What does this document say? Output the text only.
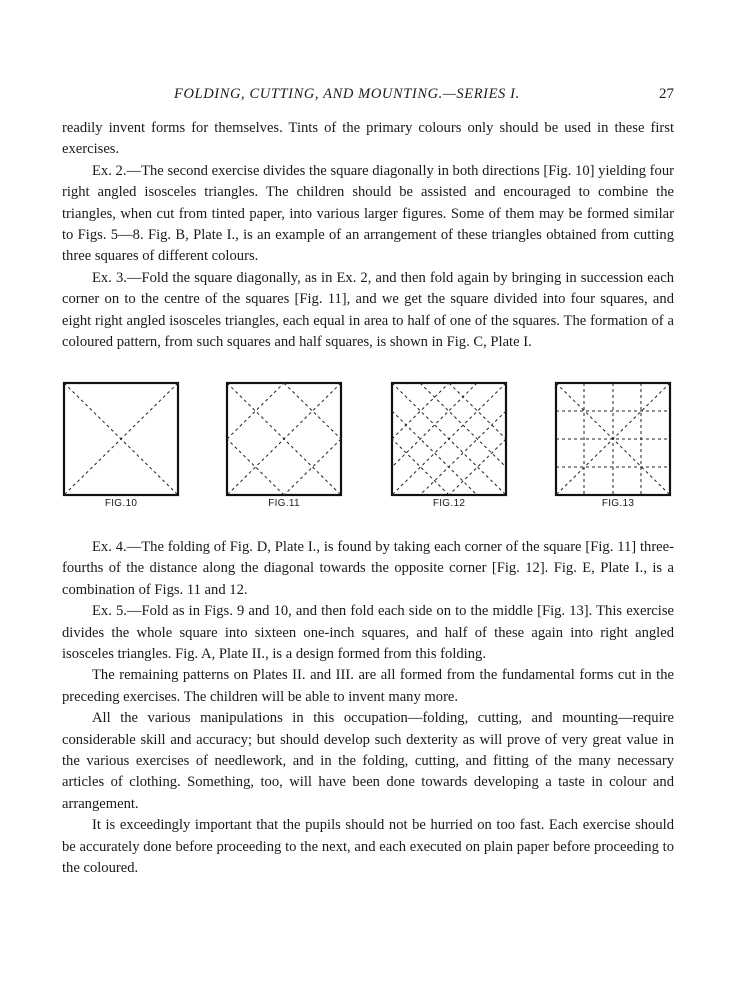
FOLDING, CUTTING, AND MOUNTING.—SERIES I.	27

readily invent forms for themselves. Tints of the primary colours only should be used in these first exercises.

Ex. 2.—The second exercise divides the square diagonally in both directions [Fig. 10] yielding four right angled isosceles triangles. The children should be assisted and encouraged to combine the triangles, when cut from tinted paper, into various larger figures. Some of them may be formed similar to Figs. 5—8. Fig. B, Plate I., is an example of an arrangement of these triangles obtained from cutting three squares of different colours.

Ex. 3.—Fold the square diagonally, as in Ex. 2, and then fold again by bringing in succession each corner on to the centre of the squares [Fig. 11], and we get the square divided into four squares, and eight right angled isosceles triangles, each equal in area to half of one of the squares. The formation of a coloured pattern, from such squares and half squares, is shown in Fig. C, Plate I.

FIG.10	FIG.11	FIG.12	FIG.13

Ex. 4.—The folding of Fig. D, Plate I., is found by taking each corner of the square [Fig. 11] three-fourths of the distance along the diagonal towards the opposite corner [Fig. 12]. Fig. E, Plate I., is a combination of Figs. 11 and 12.

Ex. 5.—Fold as in Figs. 9 and 10, and then fold each side on to the middle [Fig. 13]. This exercise divides the whole square into sixteen one-inch squares, and half of these again into right angled isosceles triangles. Fig. A, Plate II., is a design formed from this folding.

The remaining patterns on Plates II. and III. are all formed from the fundamental forms cut in the preceding exercises. The children will be able to invent many more.

All the various manipulations in this occupation—folding, cutting, and mounting—require considerable skill and accuracy; but should develop such dexterity as will prove of very great value in the various exercises of needlework, and in the folding, cutting, and fitting of the many necessary articles of clothing. Something, too, will have been done towards developing a taste in colour and arrangement.

It is exceedingly important that the pupils should not be hurried on too fast. Each exercise should be accurately done before proceeding to the next, and each executed on plain paper before proceeding to the coloured.
